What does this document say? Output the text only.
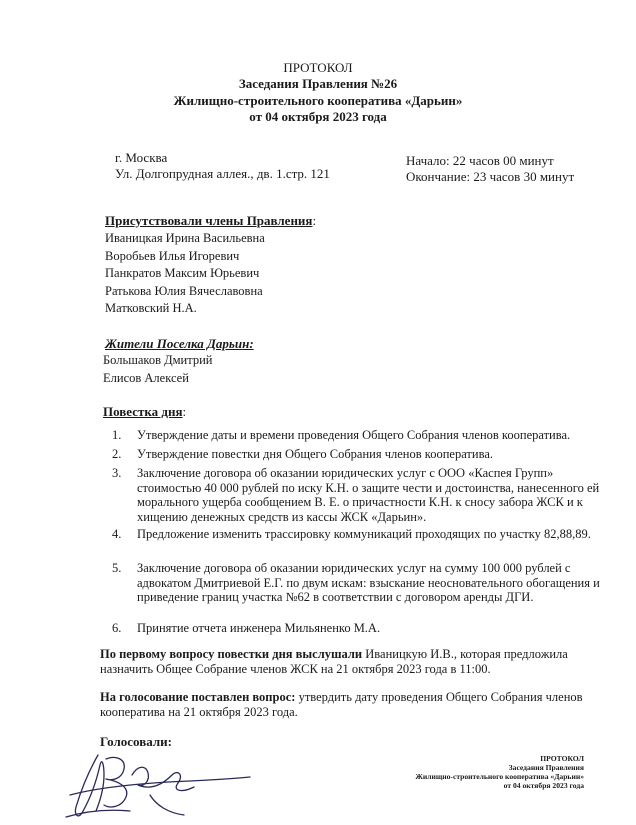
ПРОТОКОЛ
Заседания Правления №26
Жилищно-строительного кооператива «Дарьин»
от 04 октября 2023 года
г. Москва
Ул. Долгопрудная аллея., дв. 1.стр. 121
Начало: 22 часов 00 минут
Окончание: 23 часов 30 минут
Присутствовали члены Правления:
Иваницкая Ирина Васильевна
Воробьев Илья Игоревич
Панкратов Максим Юрьевич
Ратькова Юлия Вячеславовна
Матковский Н.А.
Жители Поселка Дарьин:
Большаков Дмитрий
Елисов Алексей
Повестка дня:
1.	Утверждение даты и времени проведения Общего Собрания членов кооператива.
2.	Утверждение повестки дня Общего Собрания членов кооператива.
3.	Заключение договора об оказании юридических услуг с ООО «Каспея Групп» стоимостью 40 000 рублей по иску К.Н. о защите чести и достоинства, нанесенного ей морального ущерба сообщением В. Е. о причастности К.Н. к сносу забора ЖСК и к хищению денежных средств из кассы ЖСК «Дарьин».
4.	Предложение изменить трассировку коммуникаций проходящих по участку 82,88,89.
5.	Заключение договора об оказании юридических услуг на сумму 100 000 рублей с адвокатом Дмитриевой Е.Г. по двум искам: взыскание неосновательного обогащения и приведение границ участка №62 в соответствии с договором аренды ДГИ.
6.	Принятие отчета инженера Мильяненко М.А.
По первому вопросу повестки дня выслушали Иваницкую И.В., которая предложила назначить Общее Собрание членов ЖСК на 21 октября 2023 года в 11:00.
На голосование поставлен вопрос: утвердить дату проведения Общего Собрания членов кооператива на 21 октября 2023 года.
Голосовали:
ПРОТОКОЛ
Заседания Правления
Жилищно-строительного кооператива «Дарьин»
от 04 октября 2023 года
